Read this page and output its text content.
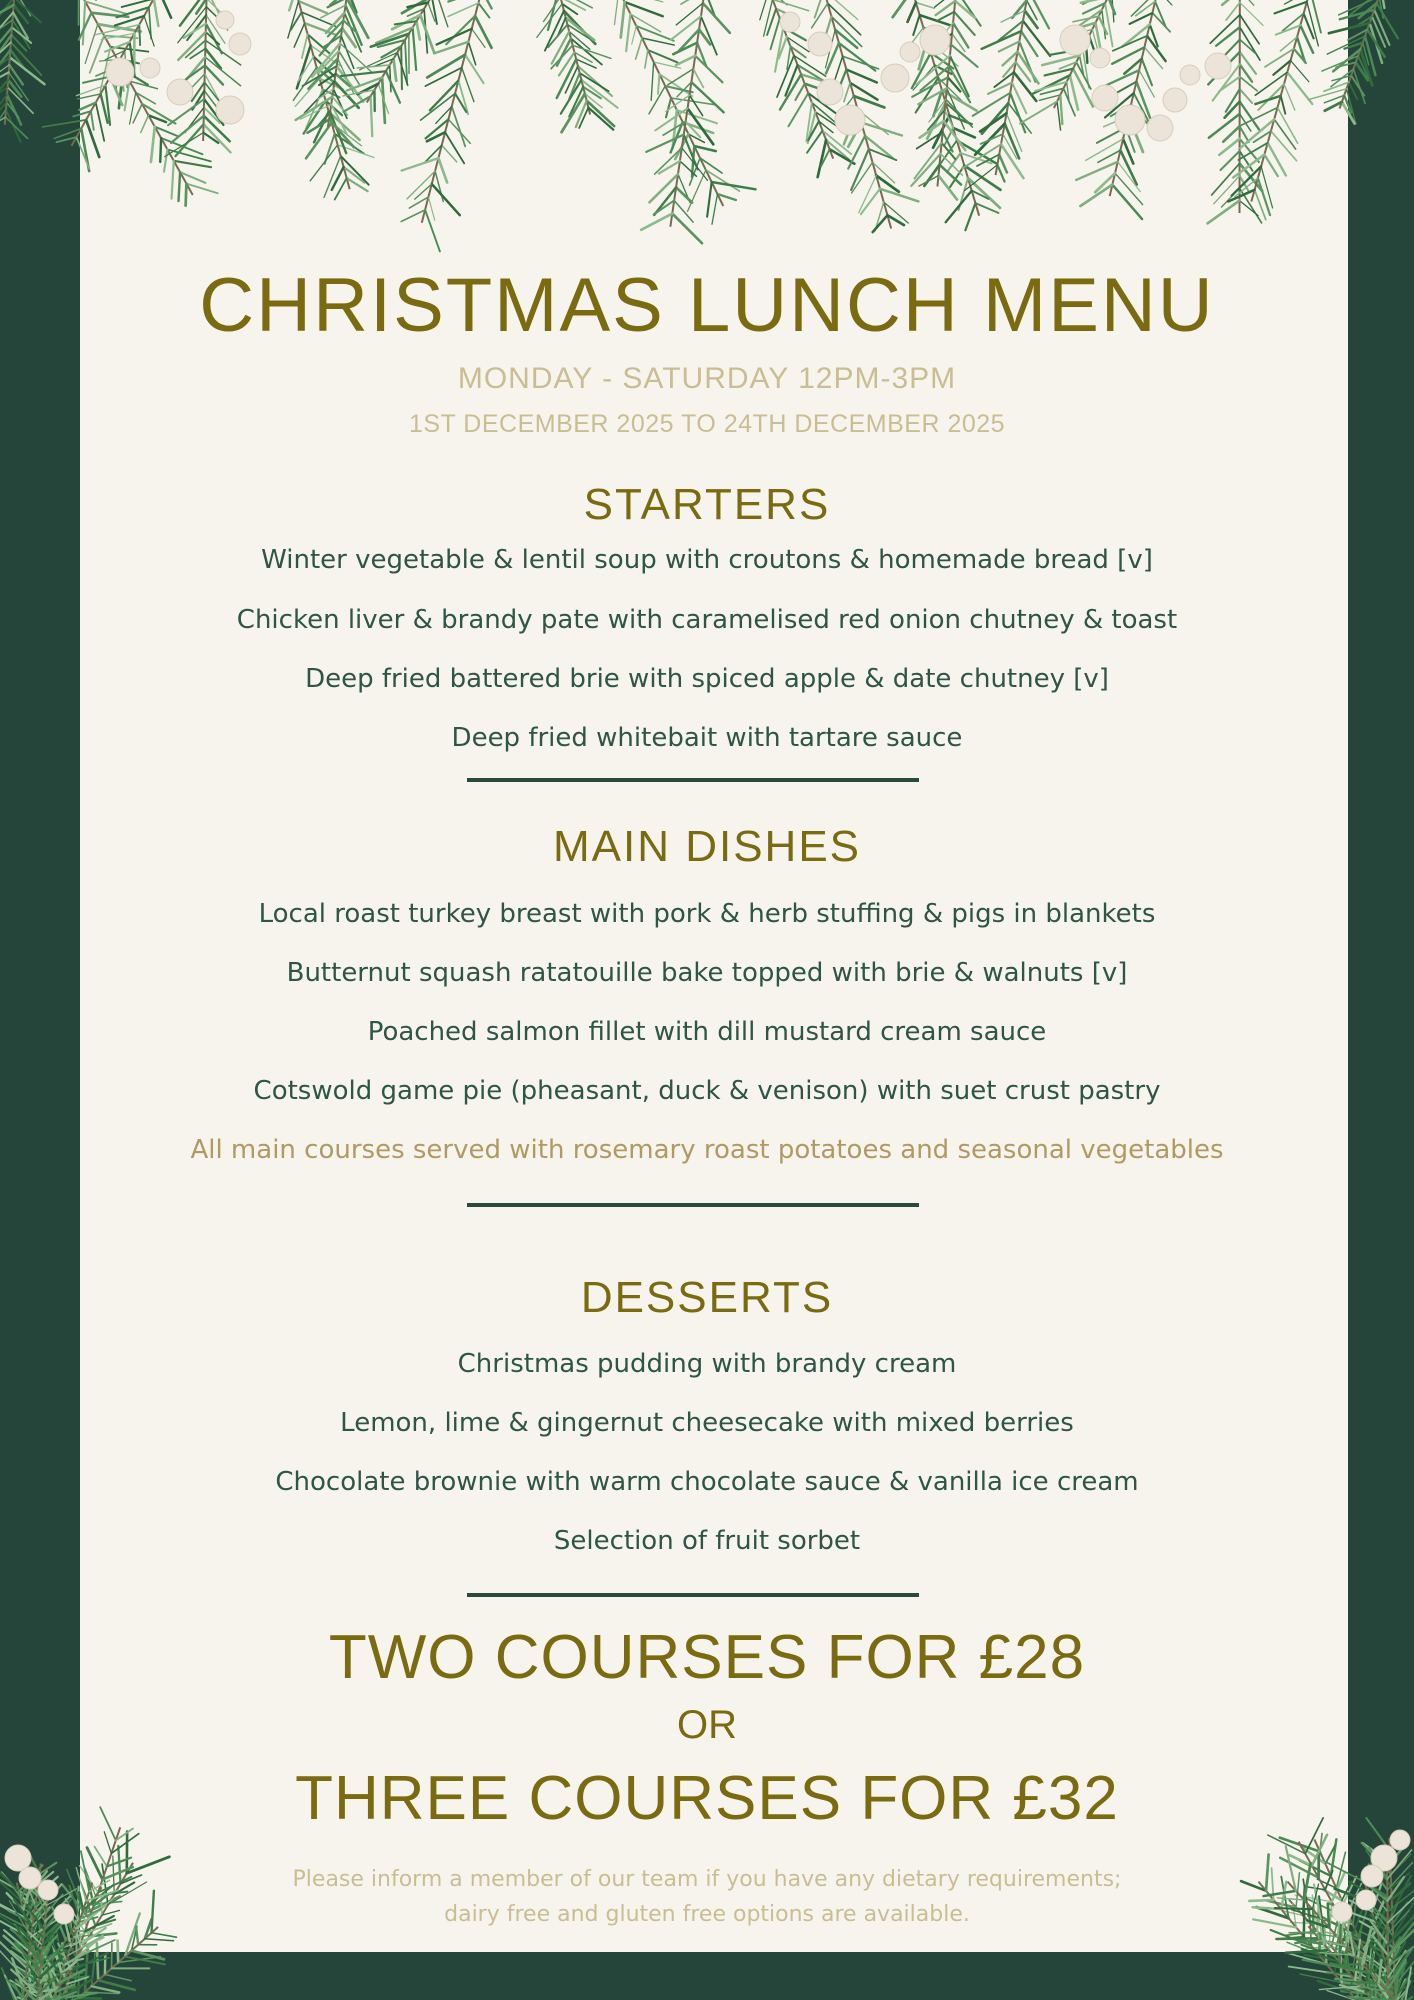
CHRISTMAS LUNCH MENU
MONDAY - SATURDAY 12PM-3PM
1ST DECEMBER 2025 TO 24TH DECEMBER 2025
STARTERS
Winter vegetable & lentil soup with croutons & homemade bread [v]
Chicken liver & brandy pate with caramelised red onion chutney & toast
Deep fried battered brie with spiced apple & date chutney [v]
Deep fried whitebait with tartare sauce
MAIN DISHES
Local roast turkey breast with pork & herb stuffing & pigs in blankets
Butternut squash ratatouille bake topped with brie & walnuts [v]
Poached salmon fillet with dill mustard cream sauce
Cotswold game pie (pheasant, duck & venison) with suet crust pastry
All main courses served with rosemary roast potatoes and seasonal vegetables
DESSERTS
Christmas pudding with brandy cream
Lemon, lime & gingernut cheesecake with mixed berries
Chocolate brownie with warm chocolate sauce & vanilla ice cream
Selection of fruit sorbet
TWO COURSES FOR £28
OR
THREE COURSES FOR £32
Please inform a member of our team if you have any dietary requirements;
dairy free and gluten free options are available.
